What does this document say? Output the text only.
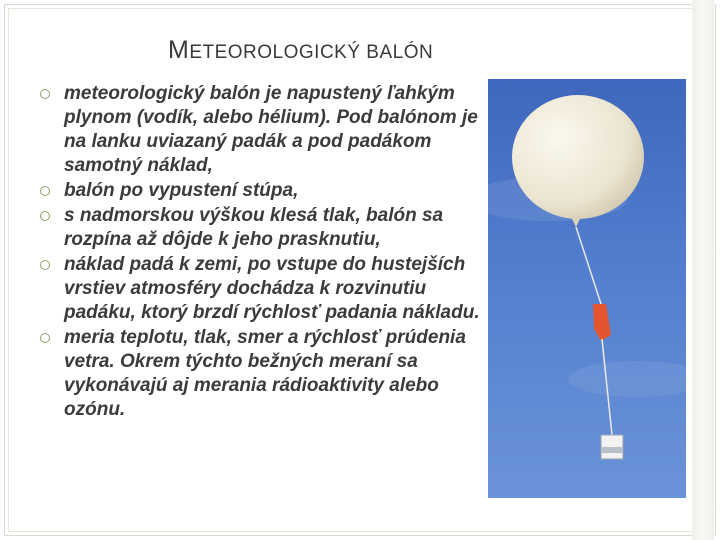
METEOROLOGICKÝ BALÓN
meteorologický balón je napustený ľahkým plynom (vodík, alebo hélium). Pod balónom je na lanku uviazaný padák a pod padákom samotný náklad,
balón po vypustení stúpa,
s nadmorskou výškou klesá tlak, balón sa rozpína až dôjde k jeho prasknutiu,
náklad padá k zemi, po vstupe do hustejších vrstiev atmosféry dochádza k rozvinutiu padáku, ktorý brzdí rýchlosť padania nákladu.
meria teplotu, tlak, smer a rýchlosť prúdenia vetra. Okrem týchto bežných meraní sa vykonávajú aj merania rádioaktivity alebo ozónu.
